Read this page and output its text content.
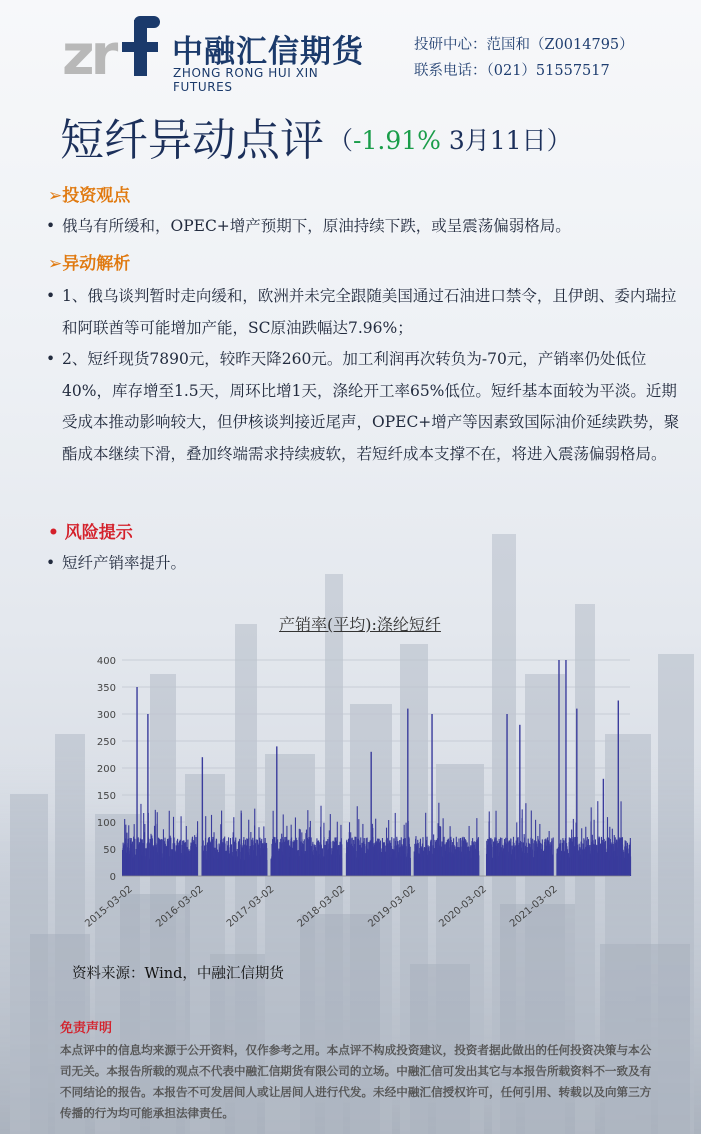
zr 中融汇信期货
ZHONG RONG HUI XIN FUTURES
投研中心：范国和（Z0014795）
联系电话：（021）51557517
短纤异动点评 $^{(-1.91\% 3月11日)}$
➢投资观点
• 俄乌有所缓和，OPEC+增产预期下，原油持续下跌，或呈震荡偏弱格局。
➢异动解析
• 1、俄乌谈判暂时走向缓和，欧洲并未完全跟随美国通过石油进口禁令，且伊朗、委内瑞拉和阿联酋等可能增加产能，SC原油跌幅达7.96%；
• 2、短纤现货7890元，较昨天降260元。加工利润再次转负为-70元，产销率仍处低位40%，库存增至1.5天，周环比增1天，涤纶开工率65%低位。短纤基本面较为平淡。近期受成本推动影响较大，但伊核谈判接近尾声，OPEC+增产等因素致国际油价延续跌势，聚酯成本继续下滑，叠加终端需求持续疲软，若短纤成本支撑不在，将进入震荡偏弱格局。
• 风险提示
• 短纤产销率提升。
产销率(平均):涤纶短纤
0
50
100
150
200
250
300
350
400
2015-03-02 2016-03-02 2017-03-02 2018-03-02 2019-03-02 2020-03-02 2021-03-02
资料来源：Wind，中融汇信期货
免责声明
本点评中的信息均来源于公开资料，仅作参考之用。本点评不构成投资建议，投资者据此做出的任何投资决策与本公司无关。本报告所载的观点不代表中融汇信期货有限公司的立场。中融汇信可发出其它与本报告所载资料不一致及有不同结论的报告。本报告不可发居间人或让居间人进行代发。未经中融汇信授权许可，任何引用、转载以及向第三方传播的行为均可能承担法律责任。
